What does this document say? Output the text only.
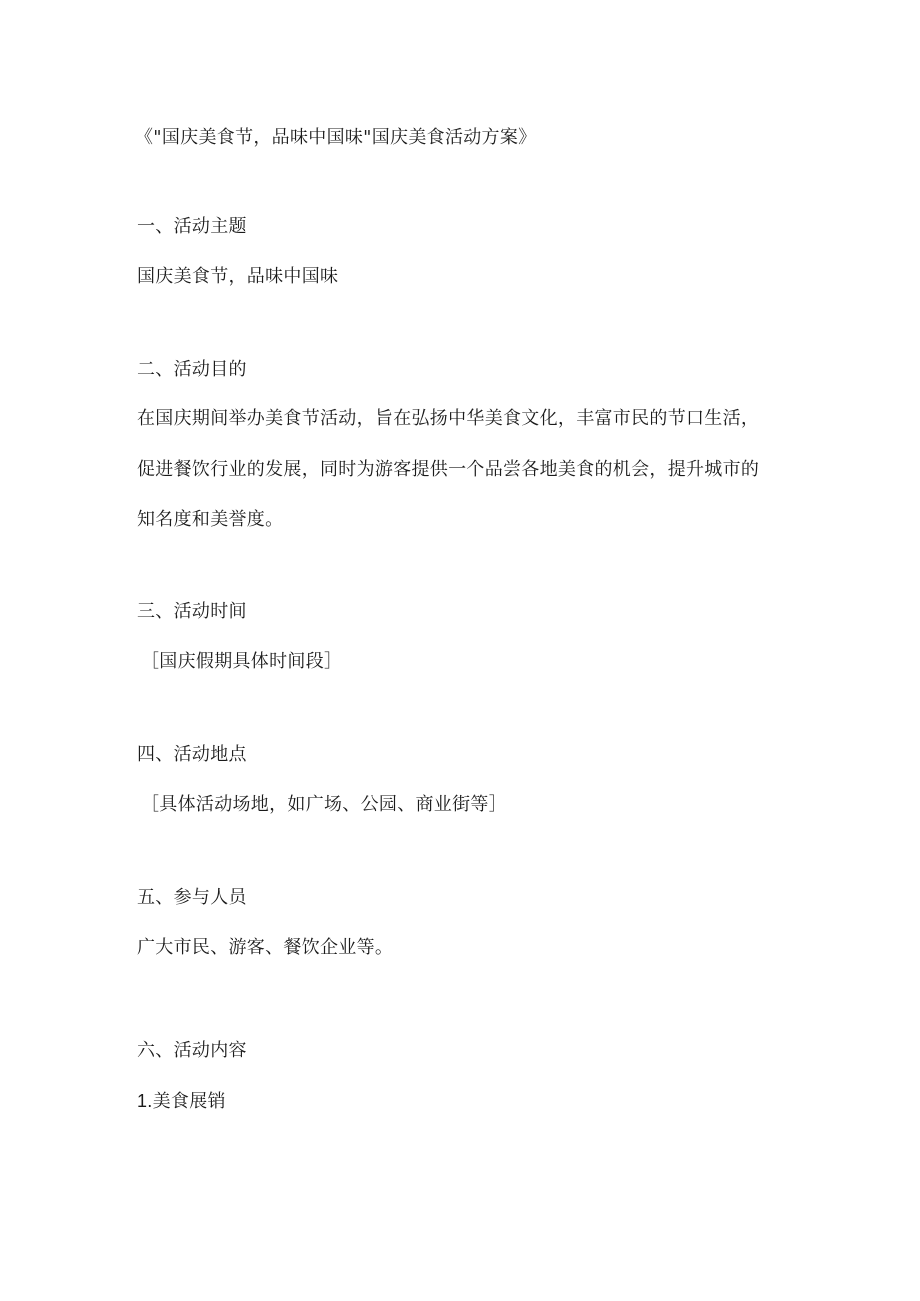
《"国庆美食节，品味中国味"国庆美食活动方案》

一、活动主题

国庆美食节，品味中国味

二、活动目的

在国庆期间举办美食节活动，旨在弘扬中华美食文化，丰富市民的节口生活，

促进餐饮行业的发展，同时为游客提供一个品尝各地美食的机会，提升城市的

知名度和美誉度。

三、活动时间

［国庆假期具体时间段］

四、活动地点

［具体活动场地，如广场、公园、商业街等］

五、参与人员

广大市民、游客、餐饮企业等。

六、活动内容

1.美食展销
